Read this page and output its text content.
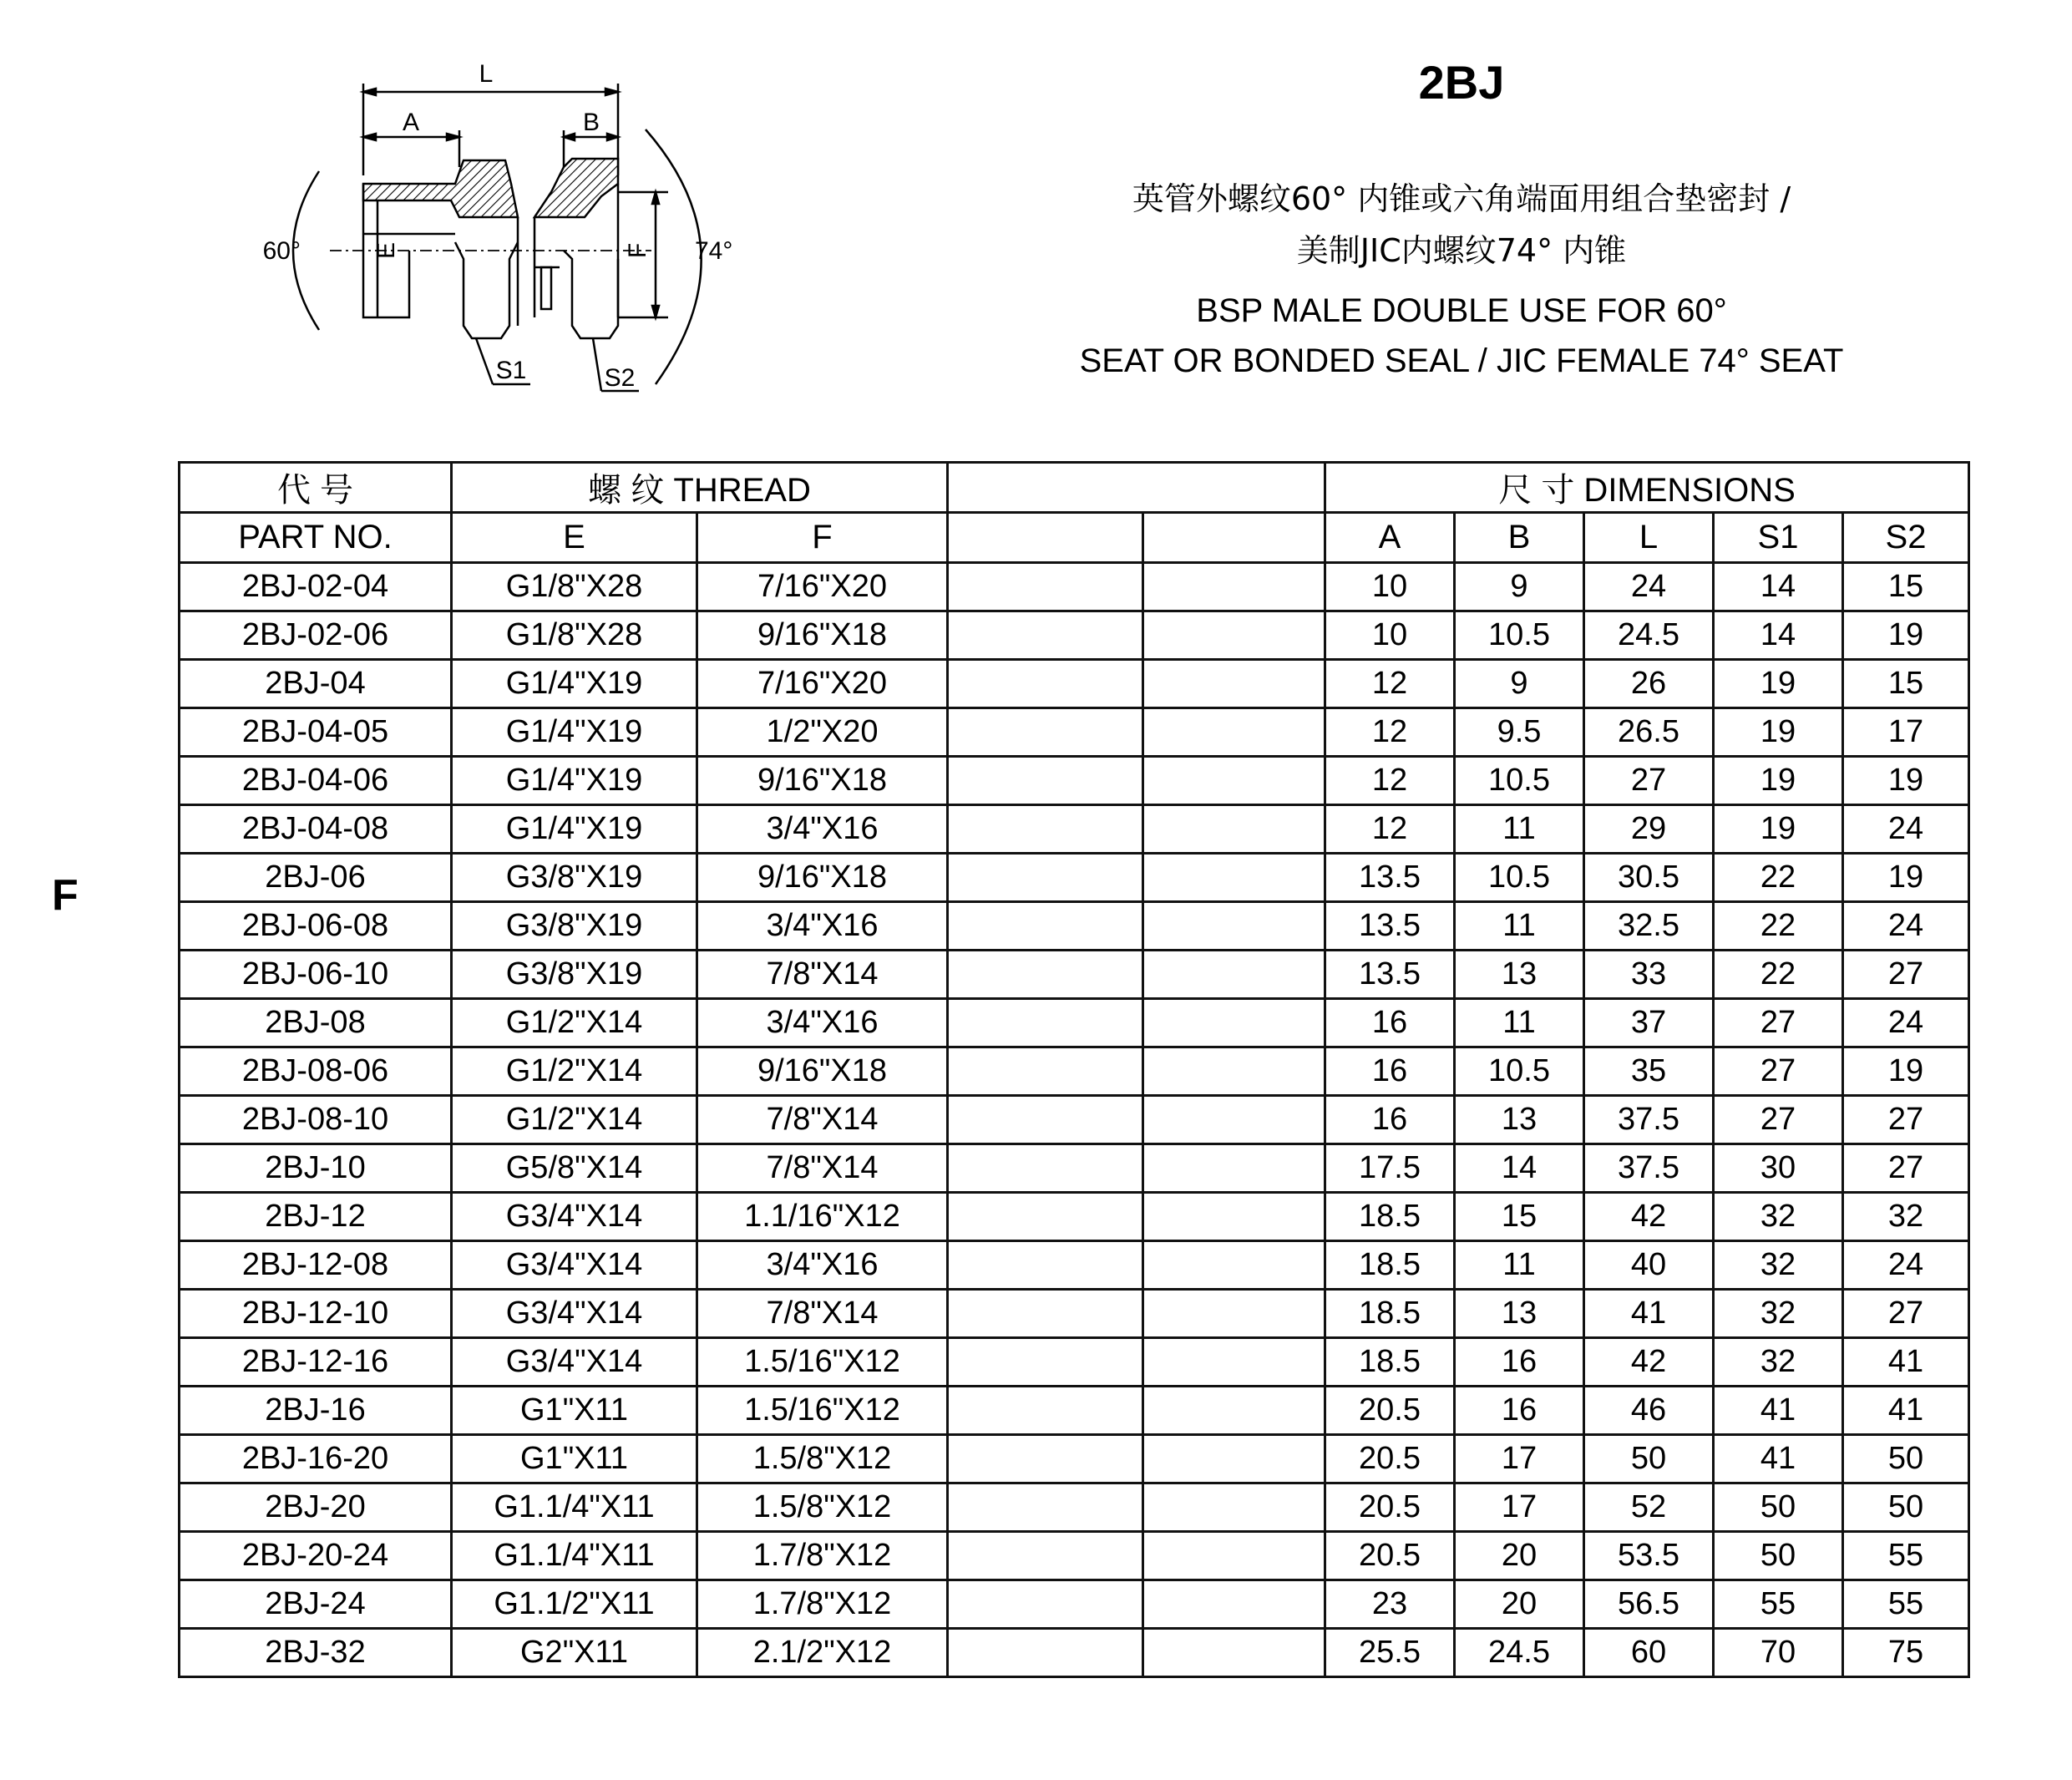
L
A	B
60°	74°
E	F
S1	S2
2BJ
英管外螺纹60° 内锥或六角端面用组合垫密封 /
美制JIC内螺纹74° 内锥
BSP MALE DOUBLE USE FOR 60°
SEAT OR BONDED SEAL / JIC FEMALE 74° SEAT
F
代 号	螺 纹 THREAD				尺 寸 DIMENSIONS				
PART NO.	E	F			A	B	L	S1	S2
2BJ-02-04	G1/8"X28	7/16"X20			10	9	24	14	15
2BJ-02-06	G1/8"X28	9/16"X18			10	10.5	24.5	14	19
2BJ-04	G1/4"X19	7/16"X20			12	9	26	19	15
2BJ-04-05	G1/4"X19	1/2"X20			12	9.5	26.5	19	17
2BJ-04-06	G1/4"X19	9/16"X18			12	10.5	27	19	19
2BJ-04-08	G1/4"X19	3/4"X16			12	11	29	19	24
2BJ-06	G3/8"X19	9/16"X18			13.5	10.5	30.5	22	19
2BJ-06-08	G3/8"X19	3/4"X16			13.5	11	32.5	22	24
2BJ-06-10	G3/8"X19	7/8"X14			13.5	13	33	22	27
2BJ-08	G1/2"X14	3/4"X16			16	11	37	27	24
2BJ-08-06	G1/2"X14	9/16"X18			16	10.5	35	27	19
2BJ-08-10	G1/2"X14	7/8"X14			16	13	37.5	27	27
2BJ-10	G5/8"X14	7/8"X14			17.5	14	37.5	30	27
2BJ-12	G3/4"X14	1.1/16"X12			18.5	15	42	32	32
2BJ-12-08	G3/4"X14	3/4"X16			18.5	11	40	32	24
2BJ-12-10	G3/4"X14	7/8"X14			18.5	13	41	32	27
2BJ-12-16	G3/4"X14	1.5/16"X12			18.5	16	42	32	41
2BJ-16	G1"X11	1.5/16"X12			20.5	16	46	41	41
2BJ-16-20	G1"X11	1.5/8"X12			20.5	17	50	41	50
2BJ-20	G1.1/4"X11	1.5/8"X12			20.5	17	52	50	50
2BJ-20-24	G1.1/4"X11	1.7/8"X12			20.5	20	53.5	50	55
2BJ-24	G1.1/2"X11	1.7/8"X12			23	20	56.5	55	55
2BJ-32	G2"X11	2.1/2"X12			25.5	24.5	60	70	75
